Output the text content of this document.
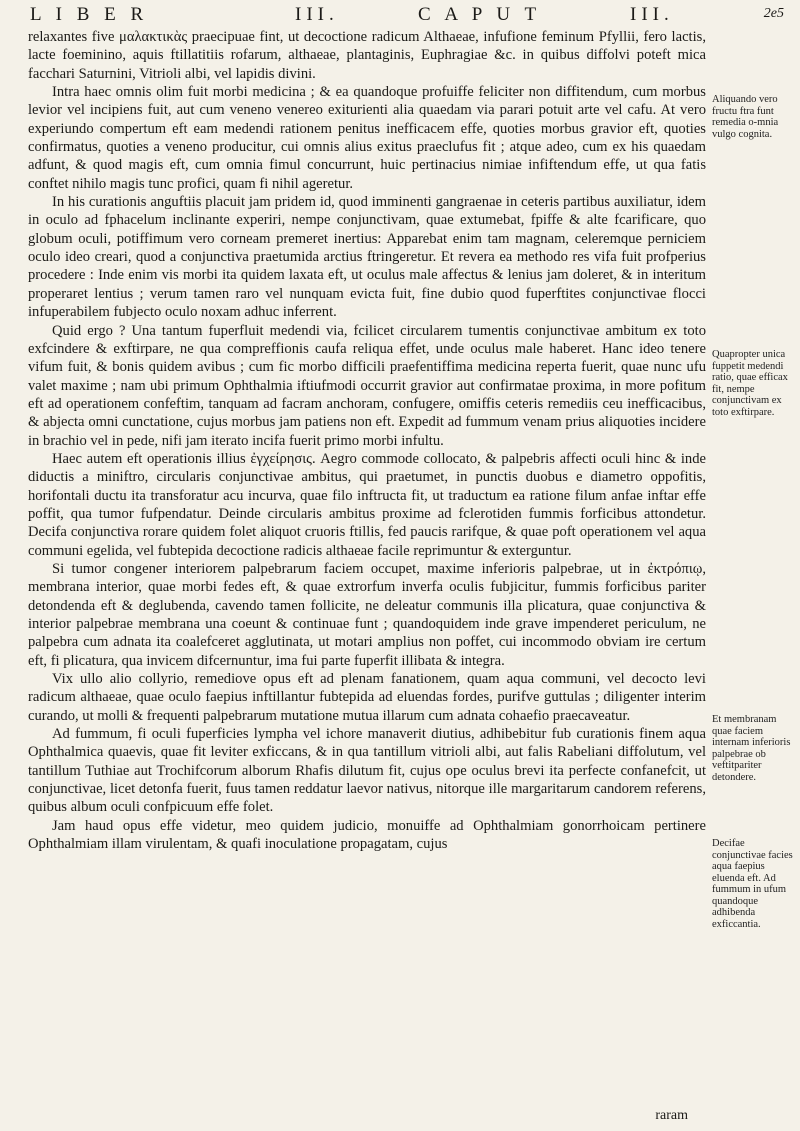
L I B E R	III.	C A P U T	III.	2e5

relaxantes five μαλακτικὰς praecipuae fint, ut decoctione radicum Althaeae, infufione feminum Pfyllii, fero lactis, lacte foeminino, aquis ftillatitiis rofarum, althaeae, plantaginis, Euphragiae &c. in quibus diffolvi poteft mica facchari Saturnini, Vitrioli albi, vel lapidis divini.

Intra haec omnis olim fuit morbi medicina ; & ea quandoque profuiffe feliciter non diffitendum, cum morbus levior vel incipiens fuit, aut cum veneno venereo exiturienti alia quaedam via parari potuit arte vel cafu. At vero experiundo compertum eft eam medendi rationem penitus inefficacem effe, quoties morbus gravior eft, quoties confirmatus, quoties a veneno producitur, cui omnis alius exitus praeclufus fit ; atque adeo, cum ex his quaedam adfunt, & quod magis eft, cum omnia fimul concurrunt, huic pertinacius nimiae infiftendum effe, ut qua fatis conftet nihilo magis tunc profici, quam fi nihil ageretur.

In his curationis anguftiis placuit jam pridem id, quod imminenti gangraenae in ceteris partibus auxiliatur, idem in oculo ad fphacelum inclinante experiri, nempe conjunctivam, quae extumebat, fpiffe & alte fcarificare, quo globum oculi, potiffimum vero corneam premeret inertius: Apparebat enim tam magnam, celeremque perniciem oculo ideo creari, quod a conjunctiva praetumida arctius ftringeretur. Et revera ea methodo res vifa fuit profperius procedere : Inde enim vis morbi ita quidem laxata eft, ut oculus male affectus & lenius jam doleret, & in interitum properaret lentius ; verum tamen raro vel nunquam evicta fuit, fine dubio quod fuperftites conjunctivae flocci infuperabilem fubjecto oculo noxam adhuc inferrent.

Quid ergo ? Una tantum fuperfluit medendi via, fcilicet circularem tumentis conjunctivae ambitum ex toto exfcindere & exftirpare, ne qua compreffionis caufa reliqua effet, unde oculus male haberet. Hanc ideo tenere vifum fuit, & bonis quidem avibus ; cum fic morbo difficili praefentiffima medicina reperta fuerit, quae nunc ufu valet maxime ; nam ubi primum Ophthalmia iftiufmodi occurrit gravior aut confirmatae proxima, in more pofitum eft ad operationem confeftim, tanquam ad facram anchoram, confugere, omiffis ceteris remediis ceu inefficacibus, & abjecta omni cunctatione, cujus morbus jam patiens non eft. Expedit ad fummum venam prius aliquoties incidere in brachio vel in pede, nifi jam iterato incifa fuerit primo morbi infultu.

Haec autem eft operationis illius ἐγχείρησις. Aegro commode collocato, & palpebris affecti oculi hinc & inde diductis a miniftro, circularis conjunctivae ambitus, qui praetumet, in punctis duobus e diametro oppofitis, horifontali ductu ita transforatur acu incurva, quae filo inftructa fit, ut traductum ea ratione filum anfae inftar effe poffit, qua tumor fufpendatur. Deinde circularis ambitus proxime ad fclerotiden fummis forficibus attondetur. Decifa conjunctiva rorare quidem folet aliquot cruoris ftillis, fed paucis rarifque, & quae poft operationem vel aqua communi egelida, vel fubtepida decoctione radicis althaeae facile reprimuntur & exterguntur.

Si tumor congener interiorem palpebrarum faciem occupet, maxime inferioris palpebrae, ut in ἐκτρόπιῳ, membrana interior, quae morbi fedes eft, & quae extrorfum inverfa oculis fubjicitur, fummis forficibus pariter detondenda eft & deglubenda, cavendo tamen follicite, ne deleatur communis illa plicatura, quae conjunctiva & interior palpebrae membrana una coeunt & continuae funt ; quandoquidem inde grave impenderet periculum, ne palpebra cum adnata ita coalefceret agglutinata, ut motari amplius non poffet, cui incommodo obviam ire certum eft, fi plicatura, qua invicem difcernuntur, ima fui parte fuperfit illibata & integra.

Vix ullo alio collyrio, remediove opus eft ad plenam fanationem, quam aqua communi, vel decocto levi radicum althaeae, quae oculo faepius inftillantur fubtepida ad eluendas fordes, purifve guttulas ; diligenter interim curando, ut molli & frequenti palpebrarum mutatione mutua illarum cum adnata cohaefio praecaveatur.

Ad fummum, fi oculi fuperficies lympha vel ichore manaverit diutius, adhibebitur fub curationis finem aqua Ophthalmica quaevis, quae fit leviter exficcans, & in qua tantillum vitrioli albi, aut falis Rabeliani diffolutum, vel tantillum Tuthiae aut Trochifcorum alborum Rhafis dilutum fit, cujus ope oculus brevi ita perfecte confanefcit, ut conjunctivae, licet detonfa fuerit, fuus tamen reddatur laevor nativus, nitorque ille margaritarum candorem referens, quibus album oculi confpicuum effe folet.

Jam haud opus effe videtur, meo quidem judicio, monuiffe ad Ophthalmiam gonorrhoicam pertinere Ophthalmiam illam virulentam, & quafi inoculatione propagatam, cujus

Aliquando vero fructu ftra funt remedia o-mnia vulgo cognita.
Quapropter unica fuppetit medendi ratio, quae efficax fit, nempe conjunctivam ex toto exftirpare.
Et membranam quae faciem internam inferioris palpebrae ob veftitpariter detondere.
Decifae conjunctivae facies aqua faepius eluenda eft. Ad fummum in ufum quandoque adhibenda exficcantia.
raram
